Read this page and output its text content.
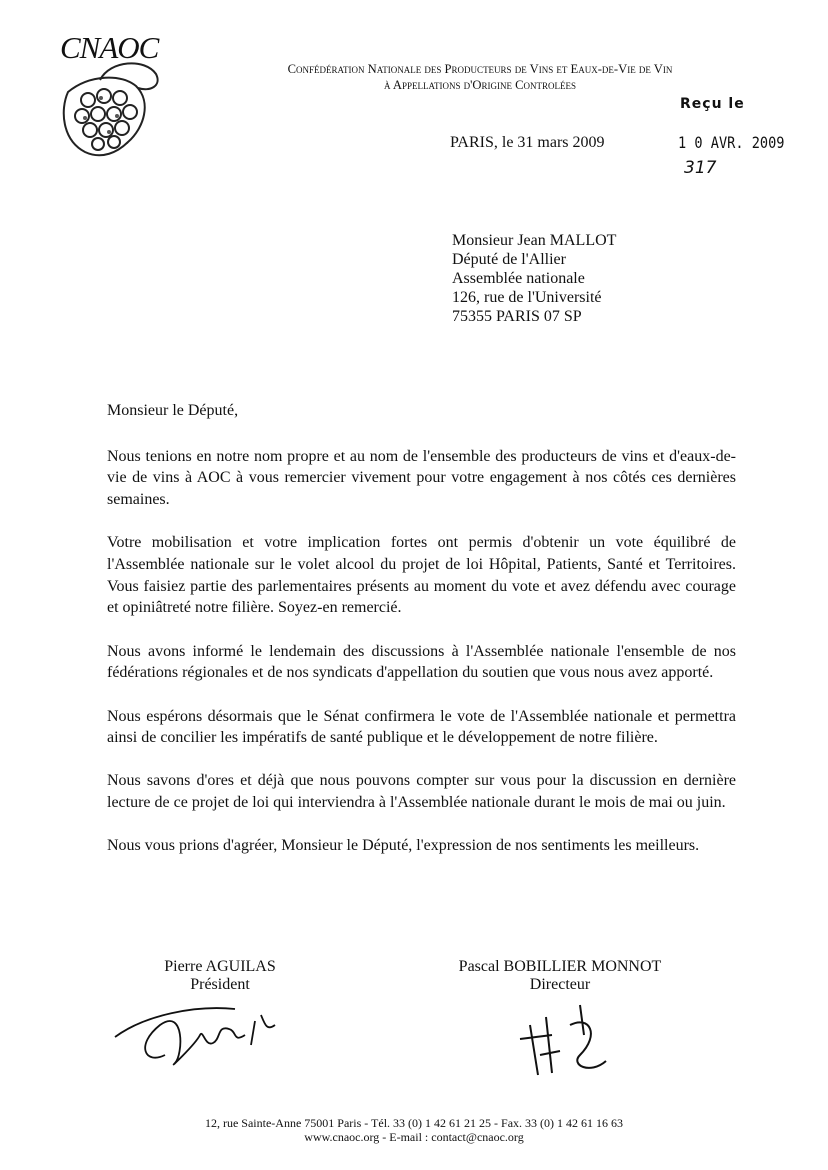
CNAOC
Confédération Nationale des Producteurs de Vins et Eaux-de-Vie de Vin
à Appellations d'Origine Controlées
Reçu le
1 0 AVR. 2009
317
PARIS, le 31 mars 2009
Monsieur Jean MALLOT
Député de l'Allier
Assemblée nationale
126, rue de l'Université
75355 PARIS 07 SP

Monsieur le Député,

Nous tenions en notre nom propre et au nom de l'ensemble des producteurs de vins et d'eaux-de-vie de vins à AOC à vous remercier vivement pour votre engagement à nos côtés ces dernières semaines.

Votre mobilisation et votre implication fortes ont permis d'obtenir un vote équilibré de l'Assemblée nationale sur le volet alcool du projet de loi Hôpital, Patients, Santé et Territoires. Vous faisiez partie des parlementaires présents au moment du vote et avez défendu avec courage et opiniâtreté notre filière. Soyez-en remercié.

Nous avons informé le lendemain des discussions à l'Assemblée nationale l'ensemble de nos fédérations régionales et de nos syndicats d'appellation du soutien que vous nous avez apporté.

Nous espérons désormais que le Sénat confirmera le vote de l'Assemblée nationale et permettra ainsi de concilier les impératifs de santé publique et le développement de notre filière.

Nous savons d'ores et déjà que nous pouvons compter sur vous pour la discussion en dernière lecture de ce projet de loi qui interviendra à l'Assemblée nationale durant le mois de mai ou juin.

Nous vous prions d'agréer, Monsieur le Député, l'expression de nos sentiments les meilleurs.

Pierre AGUILAS
Président
Pascal BOBILLIER MONNOT
Directeur
12, rue Sainte-Anne 75001 Paris - Tél. 33 (0) 1 42 61 21 25 - Fax. 33 (0) 1 42 61 16 63
www.cnaoc.org - E-mail : contact@cnaoc.org
